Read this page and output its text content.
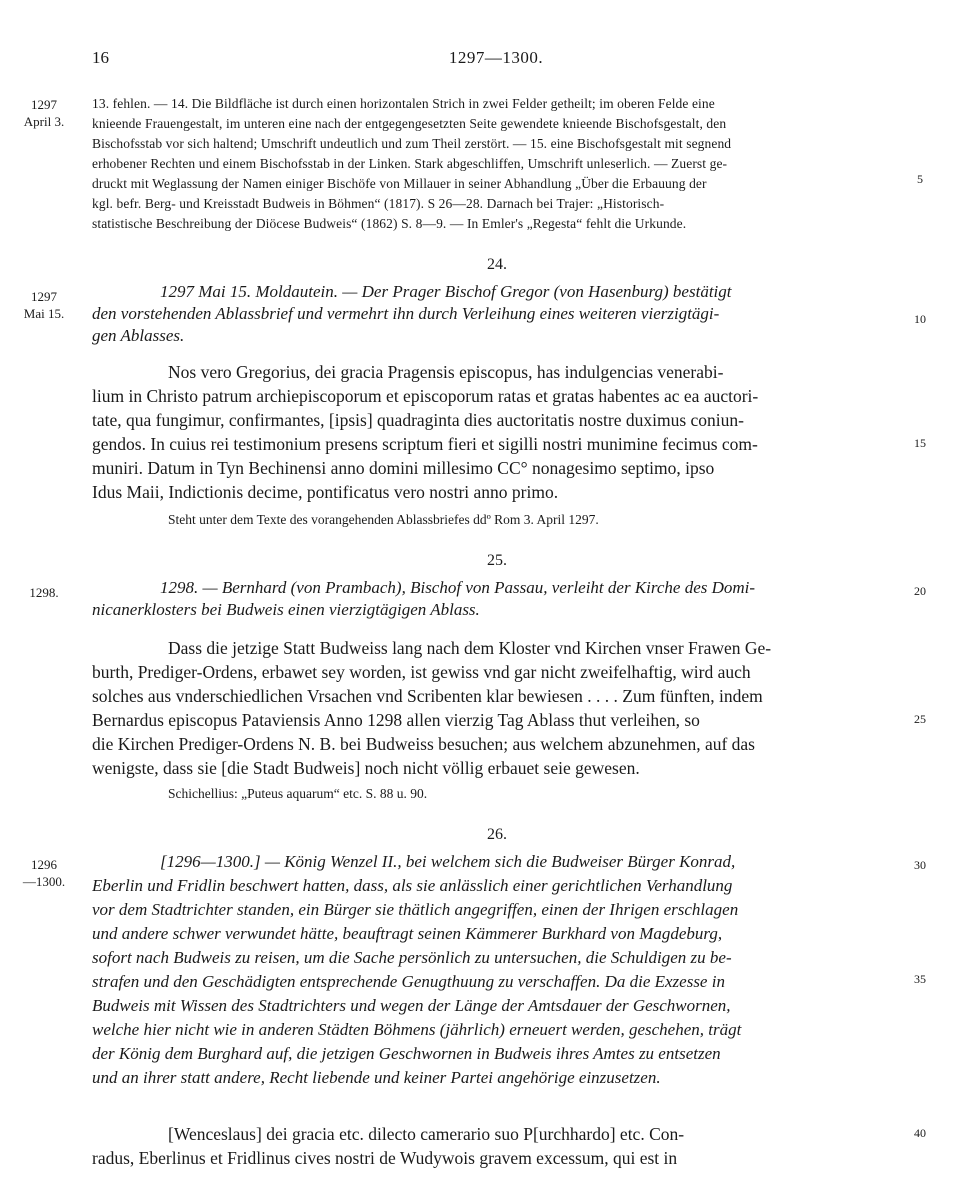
16	1297—1300.
13. fehlen. — 14. Die Bildfläche ist durch einen horizontalen Strich in zwei Felder getheilt; im oberen Felde eine
knieende Frauengestalt, im unteren eine nach der entgegengesetzten Seite gewendete knieende Bischofsgestalt, den
Bischofsstab vor sich haltend; Umschrift undeutlich und zum Theil zerstört. — 15. eine Bischofsgestalt mit segnend
erhobener Rechten und einem Bischofsstab in der Linken. Stark abgeschliffen, Umschrift unleserlich. — Zuerst ge-
druckt mit Weglassung der Namen einiger Bischöfe von Millauer in seiner Abhandlung „Über die Erbauung der
kgl. befr. Berg- und Kreisstadt Budweis in Böhmen“ (1817). S 26—28. Darnach bei Trajer: „Historisch-
statistische Beschreibung der Diöcese Budweis“ (1862) S. 8—9. — In Emler's „Regesta“ fehlt die Urkunde.
24.
1297 Mai 15. Moldautein. — Der Prager Bischof Gregor (von Hasenburg) bestätigt
den vorstehenden Ablassbrief und vermehrt ihn durch Verleihung eines weiteren vierzigtägi-
gen Ablasses.
Nos vero Gregorius, dei gracia Pragensis episcopus, has indulgencias venerabi-
lium in Christo patrum archiepiscoporum et episcoporum ratas et gratas habentes ac ea auctori-
tate, qua fungimur, confirmantes, [ipsis] quadraginta dies auctoritatis nostre duximus coniun-
gendos. In cuius rei testimonium presens scriptum fieri et sigilli nostri munimine fecimus com-
muniri. Datum in Tyn Bechinensi anno domini millesimo CC° nonagesimo septimo, ipso
Idus Maii, Indictionis decime, pontificatus vero nostri anno primo.
Steht unter dem Texte des vorangehenden Ablassbriefes ddº Rom 3. April 1297.
25.
1298. — Bernhard (von Prambach), Bischof von Passau, verleiht der Kirche des Domi-
nicanerklosters bei Budweis einen vierzigtägigen Ablass.
Dass die jetzige Statt Budweiss lang nach dem Kloster vnd Kirchen vnser Frawen Ge-
burth, Prediger-Ordens, erbawet sey worden, ist gewiss vnd gar nicht zweifelhaftig, wird auch
solches aus vnderschiedlichen Vrsachen vnd Scribenten klar bewiesen . . . . Zum fünften, indem
Bernardus episcopus Pataviensis Anno 1298 allen vierzig Tag Ablass thut verleihen, so
die Kirchen Prediger-Ordens N. B. bei Budweiss besuchen; aus welchem abzunehmen, auf das
wenigste, dass sie [die Stadt Budweis] noch nicht völlig erbauet seie gewesen.
Schichellius: „Puteus aquarum“ etc. S. 88 u. 90.
26.
[1296—1300.] — König Wenzel II., bei welchem sich die Budweiser Bürger Konrad,
Eberlin und Fridlin beschwert hatten, dass, als sie anlässlich einer gerichtlichen Verhandlung
vor dem Stadtrichter standen, ein Bürger sie thätlich angegriffen, einen der Ihrigen erschlagen
und andere schwer verwundet hätte, beauftragt seinen Kämmerer Burkhard von Magdeburg,
sofort nach Budweis zu reisen, um die Sache persönlich zu untersuchen, die Schuldigen zu be-
strafen und den Geschädigten entsprechende Genugthuung zu verschaffen. Da die Exzesse in
Budweis mit Wissen des Stadtrichters und wegen der Länge der Amtsdauer der Geschwornen,
welche hier nicht wie in anderen Städten Böhmens (jährlich) erneuert werden, geschehen, trägt
der König dem Burghard auf, die jetzigen Geschwornen in Budweis ihres Amtes zu entsetzen
und an ihrer statt andere, Recht liebende und keiner Partei angehörige einzusetzen.
[Wenceslaus] dei gracia etc. dilecto camerario suo P[urchhardo] etc. Con-
radus, Eberlinus et Fridlinus cives nostri de Wudywois gravem excessum, qui est in
1297
April 3.
1297
Mai 15.
1298.
1296
—1300.
5
10
15
20
25
30
35
40
